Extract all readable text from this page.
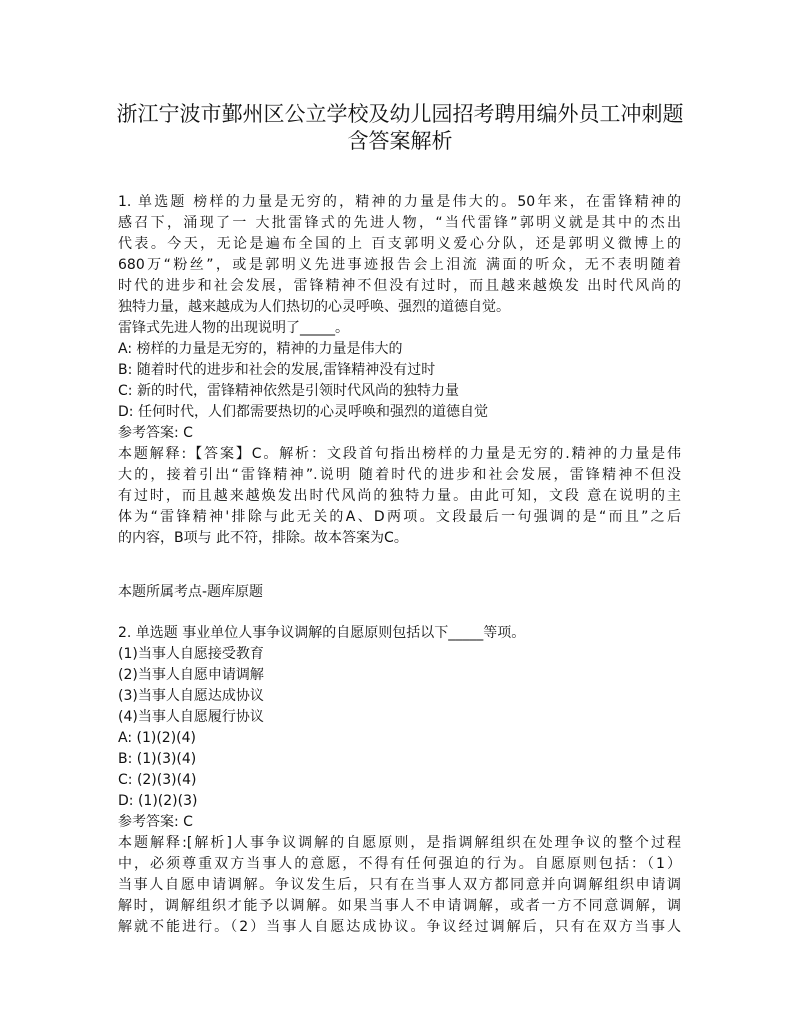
浙江宁波市鄞州区公立学校及幼儿园招考聘用编外员工冲刺题
含答案解析
1. 单选题 榜样的力量是无穷的，精神的力量是伟大的。50年来，在雷锋精神的
感召下，涌现了一 大批雷锋式的先进人物，“当代雷锋”郭明义就是其中的杰出
代表。今天，无论是遍布全国的上 百支郭明义爱心分队，还是郭明义微博上的
680万“粉丝”，或是郭明义先进事迹报告会上泪流 满面的听众，无不表明随着
时代的进步和社会发展，雷锋精神不但没有过时，而且越来越焕发 出时代风尚的
独特力量，越来越成为人们热切的心灵呼唤、强烈的道德自觉。
雷锋式先进人物的出现说明了_____。
A: 榜样的力量是无穷的，精神的力量是伟大的
B: 随着时代的进步和社会的发展,雷锋精神没有过时
C: 新的时代，雷锋精神依然是引领时代风尚的独特力量
D: 任何时代，人们都需要热切的心灵呼唤和强烈的道德自觉
参考答案: C
本题解释:【答案】C。解析：文段首句指出榜样的力量是无穷的.精神的力量是伟
大的，接着引出“雷锋精神”.说明 随着时代的进步和社会发展，雷锋精神不但没
有过时，而且越来越焕发出时代风尚的独特力量。由此可知，文段 意在说明的主
体为“雷锋精神'排除与此无关的A、D两项。文段最后一句强调的是“而且”之后
的内容，B项与 此不符，排除。故本答案为C。
本题所属考点-题库原题
2. 单选题 事业单位人事争议调解的自愿原则包括以下_____等项。
(1)当事人自愿接受教育
(2)当事人自愿申请调解
(3)当事人自愿达成协议
(4)当事人自愿履行协议
A: (1)(2)(4)
B: (1)(3)(4)
C: (2)(3)(4)
D: (1)(2)(3)
参考答案: C
本题解释:[解析]人事争议调解的自愿原则，是指调解组织在处理争议的整个过程
中，必须尊重双方当事人的意愿，不得有任何强迫的行为。自愿原则包括：（1）
当事人自愿申请调解。争议发生后，只有在当事人双方都同意并向调解组织申请调
解时，调解组织才能予以调解。如果当事人不申请调解，或者一方不同意调解，调
解就不能进行。（2）当事人自愿达成协议。争议经过调解后，只有在双方当事人
